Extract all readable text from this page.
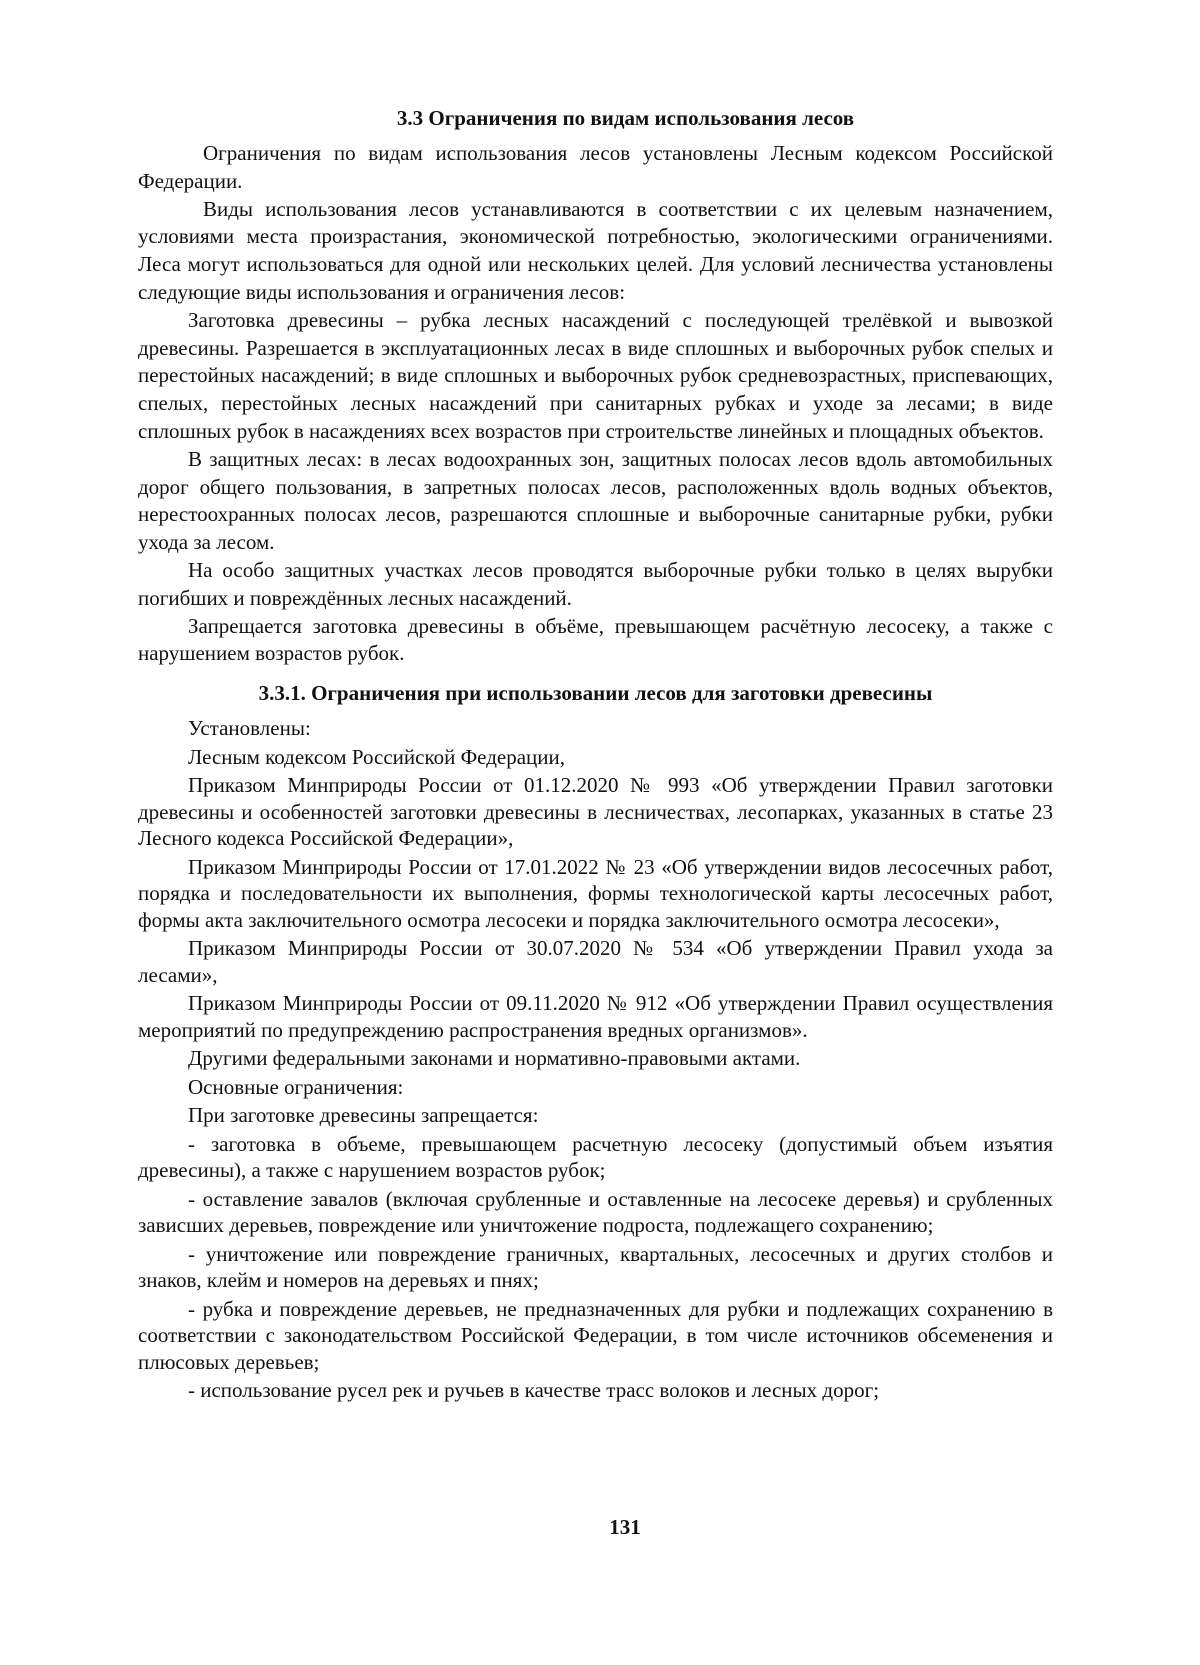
3.3 Ограничения по видам использования лесов

Ограничения по видам использования лесов установлены Лесным кодексом Российской Федерации.

Виды использования лесов устанавливаются в соответствии с их целевым назначением, условиями места произрастания, экономической потребностью, экологическими ограничениями. Леса могут использоваться для одной или нескольких целей. Для условий лесничества установлены следующие виды использования и ограничения лесов:

Заготовка древесины – рубка лесных насаждений с последующей трелёвкой и вывозкой древесины. Разрешается в эксплуатационных лесах в виде сплошных и выборочных рубок спелых и перестойных насаждений; в виде сплошных и выборочных рубок средневозрастных, приспевающих, спелых, перестойных лесных насаждений при санитарных рубках и уходе за лесами; в виде сплошных рубок в насаждениях всех возрастов при строительстве линейных и площадных объектов.

В защитных лесах: в лесах водоохранных зон, защитных полосах лесов вдоль автомобильных дорог общего пользования, в запретных полосах лесов, расположенных вдоль водных объектов, нерестоохранных полосах лесов, разрешаются сплошные и выборочные санитарные рубки, рубки ухода за лесом.

На особо защитных участках лесов проводятся выборочные рубки только в целях вырубки погибших и повреждённых лесных насаждений.

Запрещается заготовка древесины в объёме, превышающем расчётную лесосеку, а также с нарушением возрастов рубок.

3.3.1. Ограничения при использовании лесов для заготовки древесины

Установлены:

Лесным кодексом Российской Федерации,

Приказом Минприроды России от 01.12.2020 № 993 «Об утверждении Правил заготовки древесины и особенностей заготовки древесины в лесничествах, лесопарках, указанных в статье 23 Лесного кодекса Российской Федерации»,

Приказом Минприроды России от 17.01.2022 № 23 «Об утверждении видов лесосечных работ, порядка и последовательности их выполнения, формы технологической карты лесосечных работ, формы акта заключительного осмотра лесосеки и порядка заключительного осмотра лесосеки»,

Приказом Минприроды России от 30.07.2020 № 534 «Об утверждении Правил ухода за лесами»,

Приказом Минприроды России от 09.11.2020 № 912 «Об утверждении Правил осуществления мероприятий по предупреждению распространения вредных организмов».

Другими федеральными законами и нормативно-правовыми актами.

Основные ограничения:

При заготовке древесины запрещается:

- заготовка в объеме, превышающем расчетную лесосеку (допустимый объем изъятия древесины), а также с нарушением возрастов рубок;

- оставление завалов (включая срубленные и оставленные на лесосеке деревья) и срубленных зависших деревьев, повреждение или уничтожение подроста, подлежащего сохранению;

- уничтожение или повреждение граничных, квартальных, лесосечных и других столбов и знаков, клейм и номеров на деревьях и пнях;

- рубка и повреждение деревьев, не предназначенных для рубки и подлежащих сохранению в соответствии с законодательством Российской Федерации, в том числе источников обсеменения и плюсовых деревьев;

- использование русел рек и ручьев в качестве трасс волоков и лесных дорог;

131
